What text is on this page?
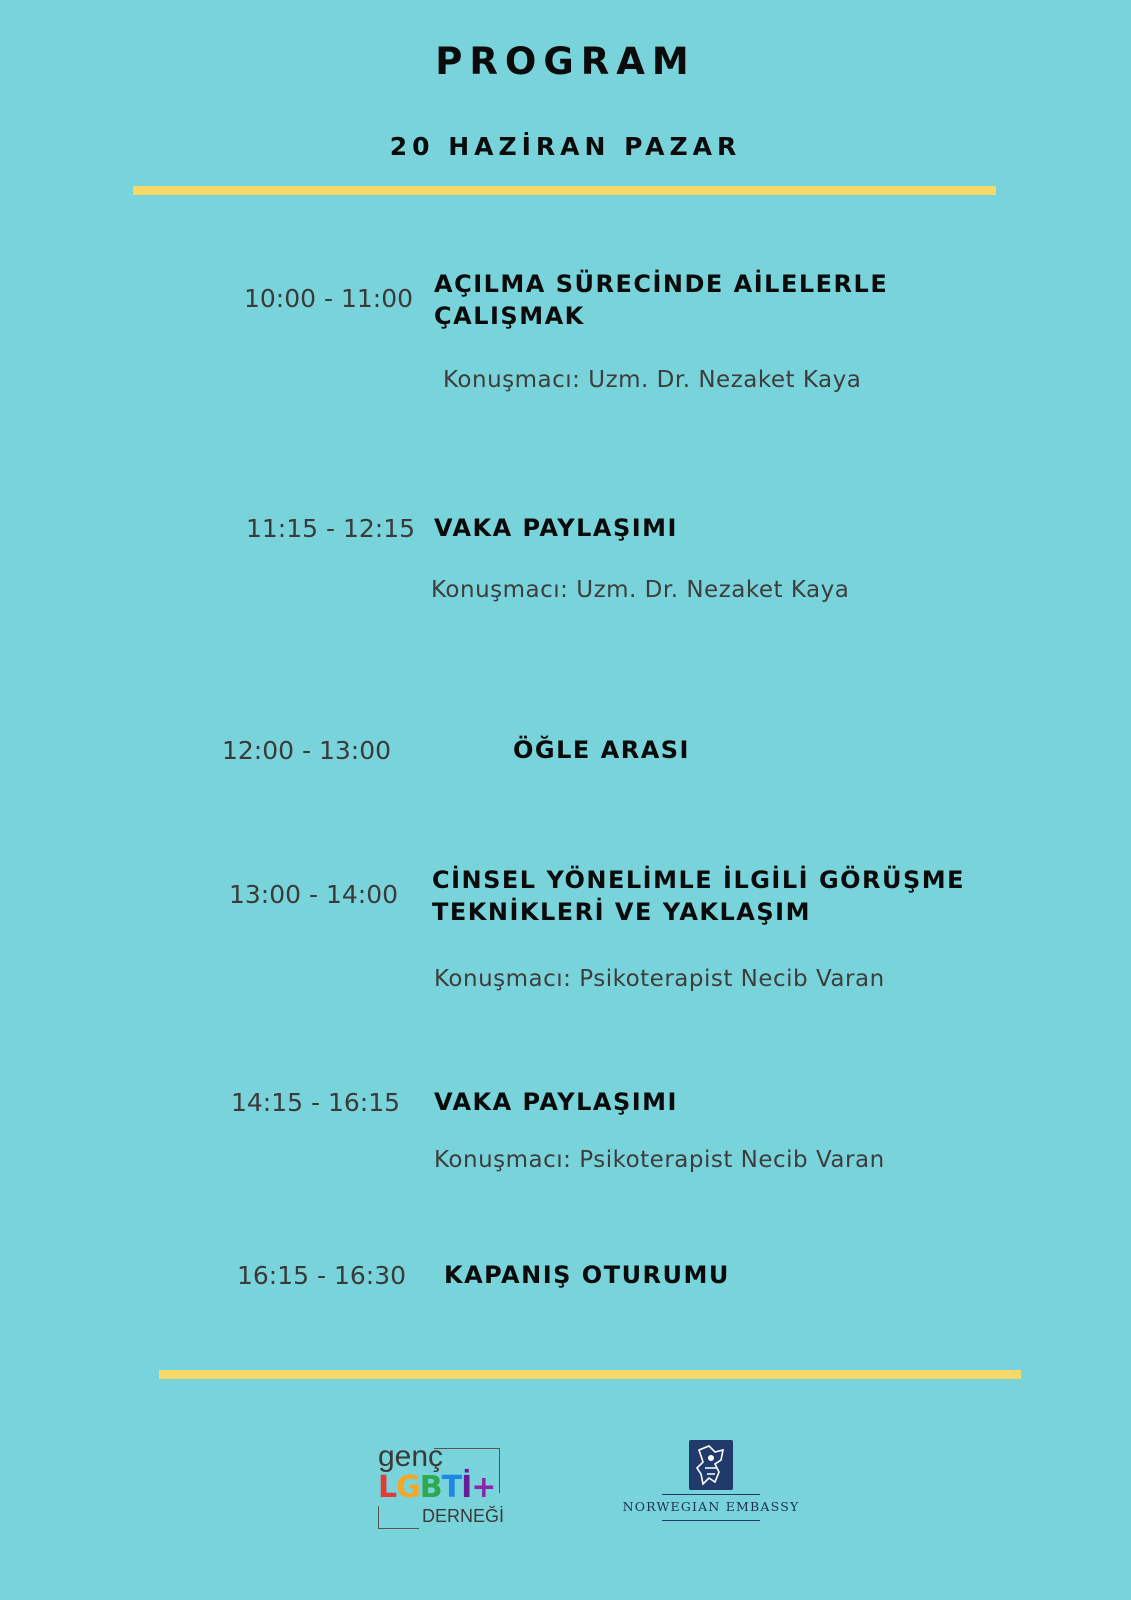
PROGRAM
20 HAZİRAN PAZAR
10:00 - 11:00 AÇILMA SÜRECİNDE AİLELERLE
ÇALIŞMAK
Konuşmacı: Uzm. Dr. Nezaket Kaya
11:15 - 12:15 VAKA PAYLAŞIMI
Konuşmacı: Uzm. Dr. Nezaket Kaya
12:00 - 13:00	ÖĞLE ARASI
13:00 - 14:00 CİNSEL YÖNELİMLE İLGİLİ GÖRÜŞME
TEKNİKLERİ VE YAKLAŞIM
Konuşmacı: Psikoterapist Necib Varan
14:15 - 16:15 VAKA PAYLAŞIMI
Konuşmacı: Psikoterapist Necib Varan
16:15 - 16:30 KAPANIŞ OTURUMU
genç
LGBTİ+
DERNEĞİ	NORWEGIAN EMBASSY
